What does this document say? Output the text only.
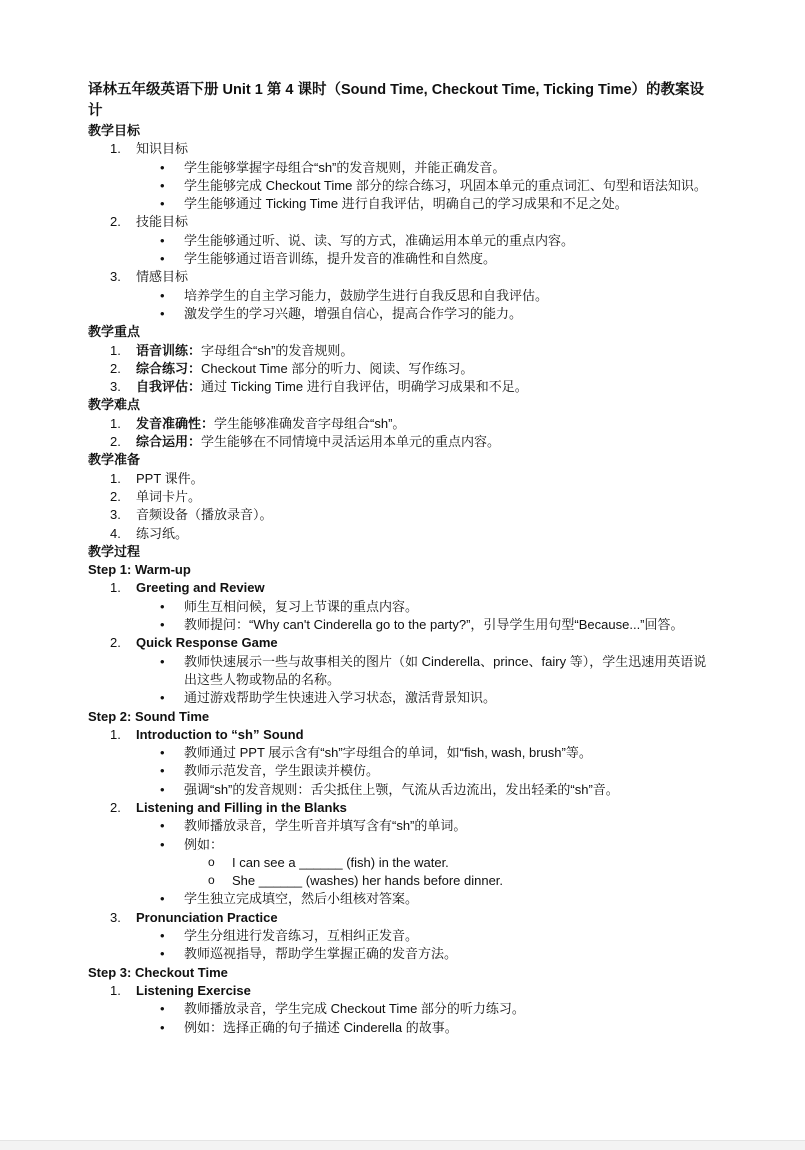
译林五年级英语下册 Unit 1 第 4 课时（Sound Time, Checkout Time, Ticking Time）的教案设计

教学目标

1. 知识目标
• 学生能够掌握字母组合“sh”的发音规则，并能正确发音。
• 学生能够完成 Checkout Time 部分的综合练习，巩固本单元的重点词汇、句型和语法知识。
• 学生能够通过 Ticking Time 进行自我评估，明确自己的学习成果和不足之处。
2. 技能目标
• 学生能够通过听、说、读、写的方式，准确运用本单元的重点内容。
• 学生能够通过语音训练，提升发音的准确性和自然度。
3. 情感目标
• 培养学生的自主学习能力，鼓励学生进行自我反思和自我评估。
• 激发学生的学习兴趣，增强自信心，提高合作学习的能力。

教学重点

1. 语音训练：字母组合“sh”的发音规则。
2. 综合练习：Checkout Time 部分的听力、阅读、写作练习。
3. 自我评估：通过 Ticking Time 进行自我评估，明确学习成果和不足。

教学难点

1. 发音准确性：学生能够准确发音字母组合“sh”。
2. 综合运用：学生能够在不同情境中灵活运用本单元的重点内容。

教学准备

1. PPT 课件。
2. 单词卡片。
3. 音频设备（播放录音）。
4. 练习纸。

教学过程

Step 1: Warm-up

1. Greeting and Review
• 师生互相问候，复习上节课的重点内容。
• 教师提问：“Why can't Cinderella go to the party?”，引导学生用句型“Because...”回答。
2. Quick Response Game
• 教师快速展示一些与故事相关的图片（如 Cinderella、prince、fairy 等），学生迅速用英语说出这些人物或物品的名称。
• 通过游戏帮助学生快速进入学习状态，激活背景知识。

Step 2: Sound Time

1. Introduction to “sh” Sound
• 教师通过 PPT 展示含有“sh”字母组合的单词，如“fish, wash, brush”等。
• 教师示范发音，学生跟读并模仿。
• 强调“sh”的发音规则：舌尖抵住上颚，气流从舌边流出，发出轻柔的“sh”音。
2. Listening and Filling in the Blanks
• 教师播放录音，学生听音并填写含有“sh”的单词。
• 例如：
o I can see a ______ (fish) in the water.
o She ______ (washes) her hands before dinner.
• 学生独立完成填空，然后小组核对答案。
3. Pronunciation Practice
• 学生分组进行发音练习，互相纠正发音。
• 教师巡视指导，帮助学生掌握正确的发音方法。

Step 3: Checkout Time

1. Listening Exercise
• 教师播放录音，学生完成 Checkout Time 部分的听力练习。
• 例如：选择正确的句子描述 Cinderella 的故事。
